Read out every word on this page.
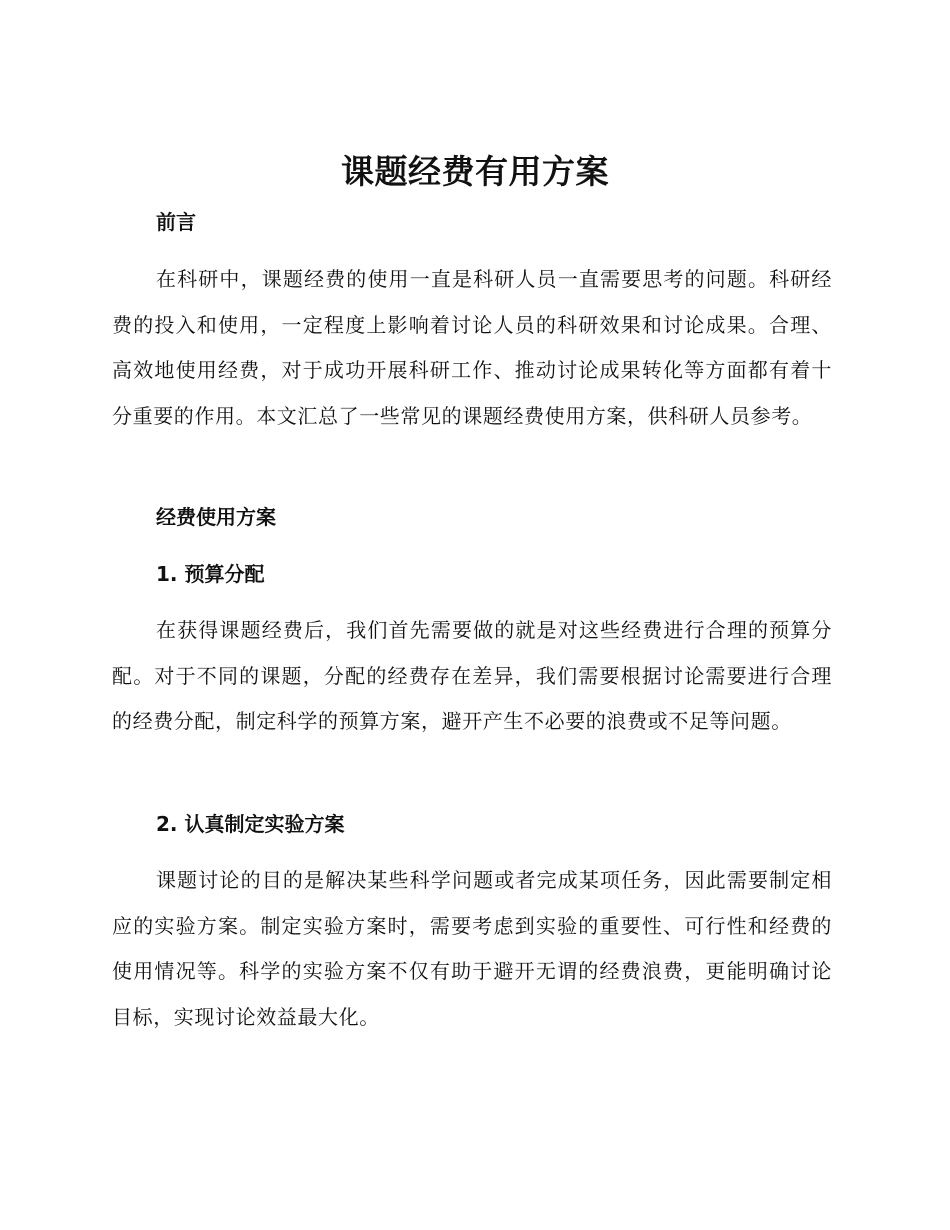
课题经费有用方案
前言

在科研中，课题经费的使用一直是科研人员一直需要思考的问题。科研经费的投入和使用，一定程度上影响着讨论人员的科研效果和讨论成果。合理、高效地使用经费，对于成功开展科研工作、推动讨论成果转化等方面都有着十分重要的作用。本文汇总了一些常见的课题经费使用方案，供科研人员参考。

经费使用方案
1. 预算分配

在获得课题经费后，我们首先需要做的就是对这些经费进行合理的预算分配。对于不同的课题，分配的经费存在差异，我们需要根据讨论需要进行合理的经费分配，制定科学的预算方案，避开产生不必要的浪费或不足等问题。

2. 认真制定实验方案

课题讨论的目的是解决某些科学问题或者完成某项任务，因此需要制定相应的实验方案。制定实验方案时，需要考虑到实验的重要性、可行性和经费的使用情况等。科学的实验方案不仅有助于避开无谓的经费浪费，更能明确讨论目标，实现讨论效益最大化。
